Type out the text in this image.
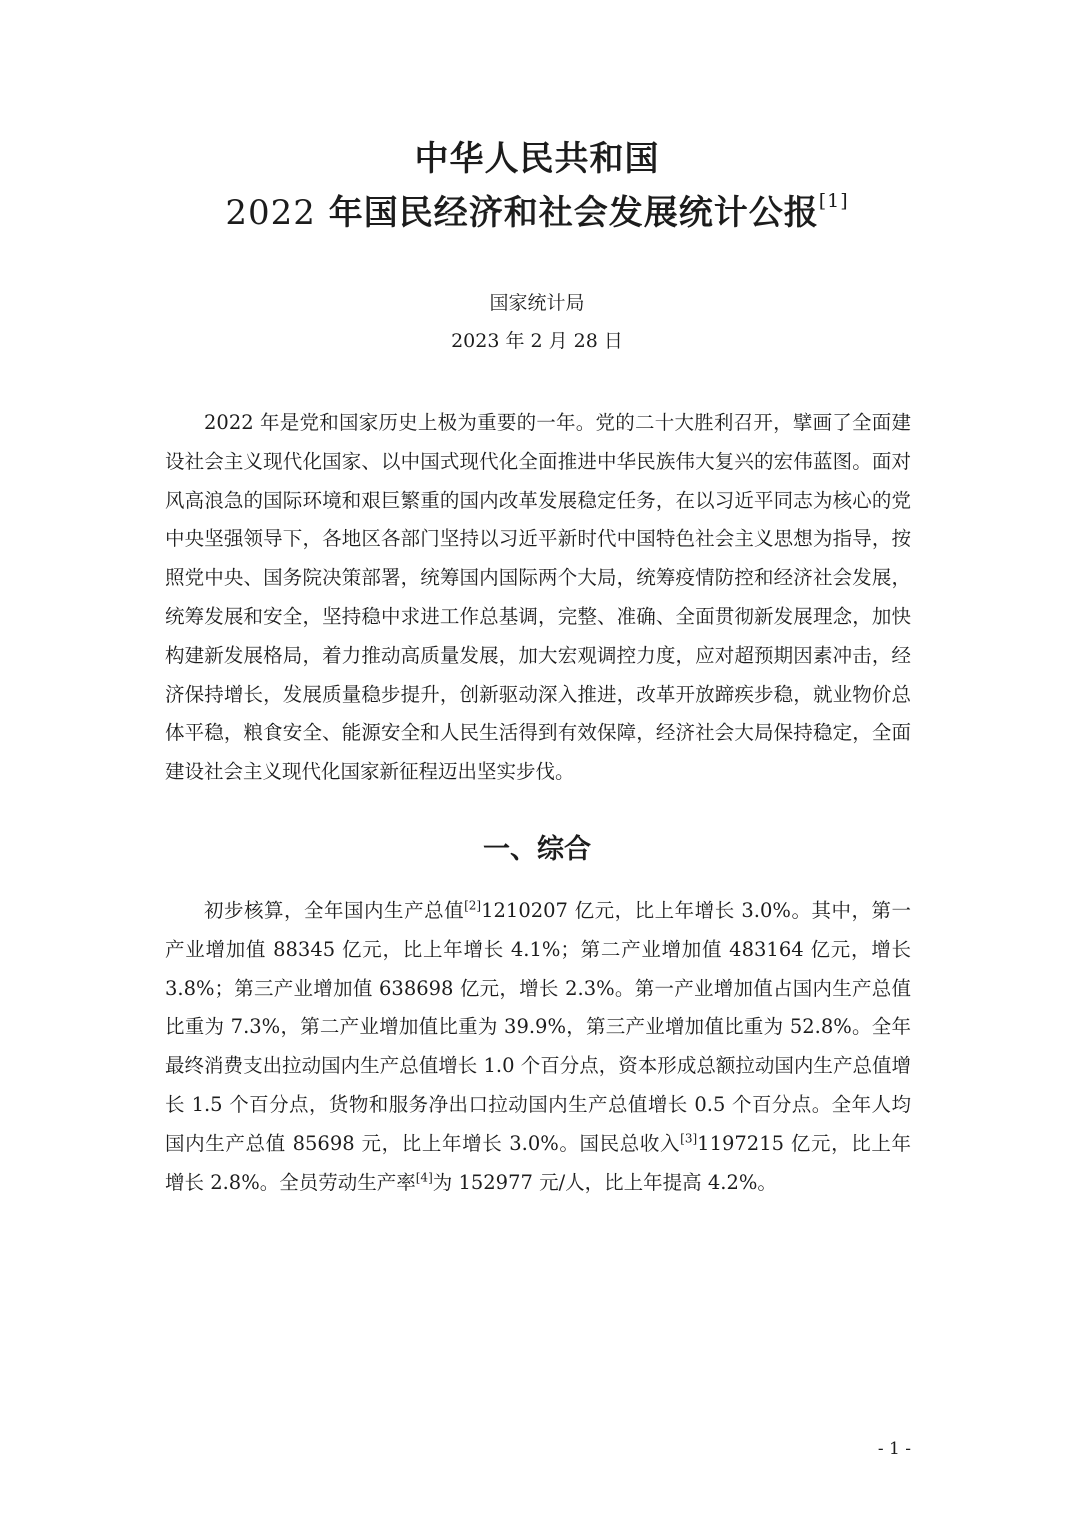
中华人民共和国
2022 年国民经济和社会发展统计公报[1]
国家统计局
2023 年 2 月 28 日

2022 年是党和国家历史上极为重要的一年。党的二十大胜利召开，擘画了全面建设社会主义现代化国家、以中国式现代化全面推进中华民族伟大复兴的宏伟蓝图。面对风高浪急的国际环境和艰巨繁重的国内改革发展稳定任务，在以习近平同志为核心的党中央坚强领导下，各地区各部门坚持以习近平新时代中国特色社会主义思想为指导，按照党中央、国务院决策部署，统筹国内国际两个大局，统筹疫情防控和经济社会发展，统筹发展和安全，坚持稳中求进工作总基调，完整、准确、全面贯彻新发展理念，加快构建新发展格局，着力推动高质量发展，加大宏观调控力度，应对超预期因素冲击，经济保持增长，发展质量稳步提升，创新驱动深入推进，改革开放蹄疾步稳，就业物价总体平稳，粮食安全、能源安全和人民生活得到有效保障，经济社会大局保持稳定，全面建设社会主义现代化国家新征程迈出坚实步伐。

一、综合

初步核算，全年国内生产总值[2]1210207 亿元，比上年增长 3.0%。其中，第一产业增加值 88345 亿元，比上年增长 4.1%；第二产业增加值 483164 亿元，增长 3.8%；第三产业增加值 638698 亿元，增长 2.3%。第一产业增加值占国内生产总值比重为 7.3%，第二产业增加值比重为 39.9%，第三产业增加值比重为 52.8%。全年最终消费支出拉动国内生产总值增长 1.0 个百分点，资本形成总额拉动国内生产总值增长 1.5 个百分点，货物和服务净出口拉动国内生产总值增长 0.5 个百分点。全年人均国内生产总值 85698 元，比上年增长 3.0%。国民总收入[3]1197215 亿元，比上年增长 2.8%。全员劳动生产率[4]为 152977 元/人，比上年提高 4.2%。

- 1 -
